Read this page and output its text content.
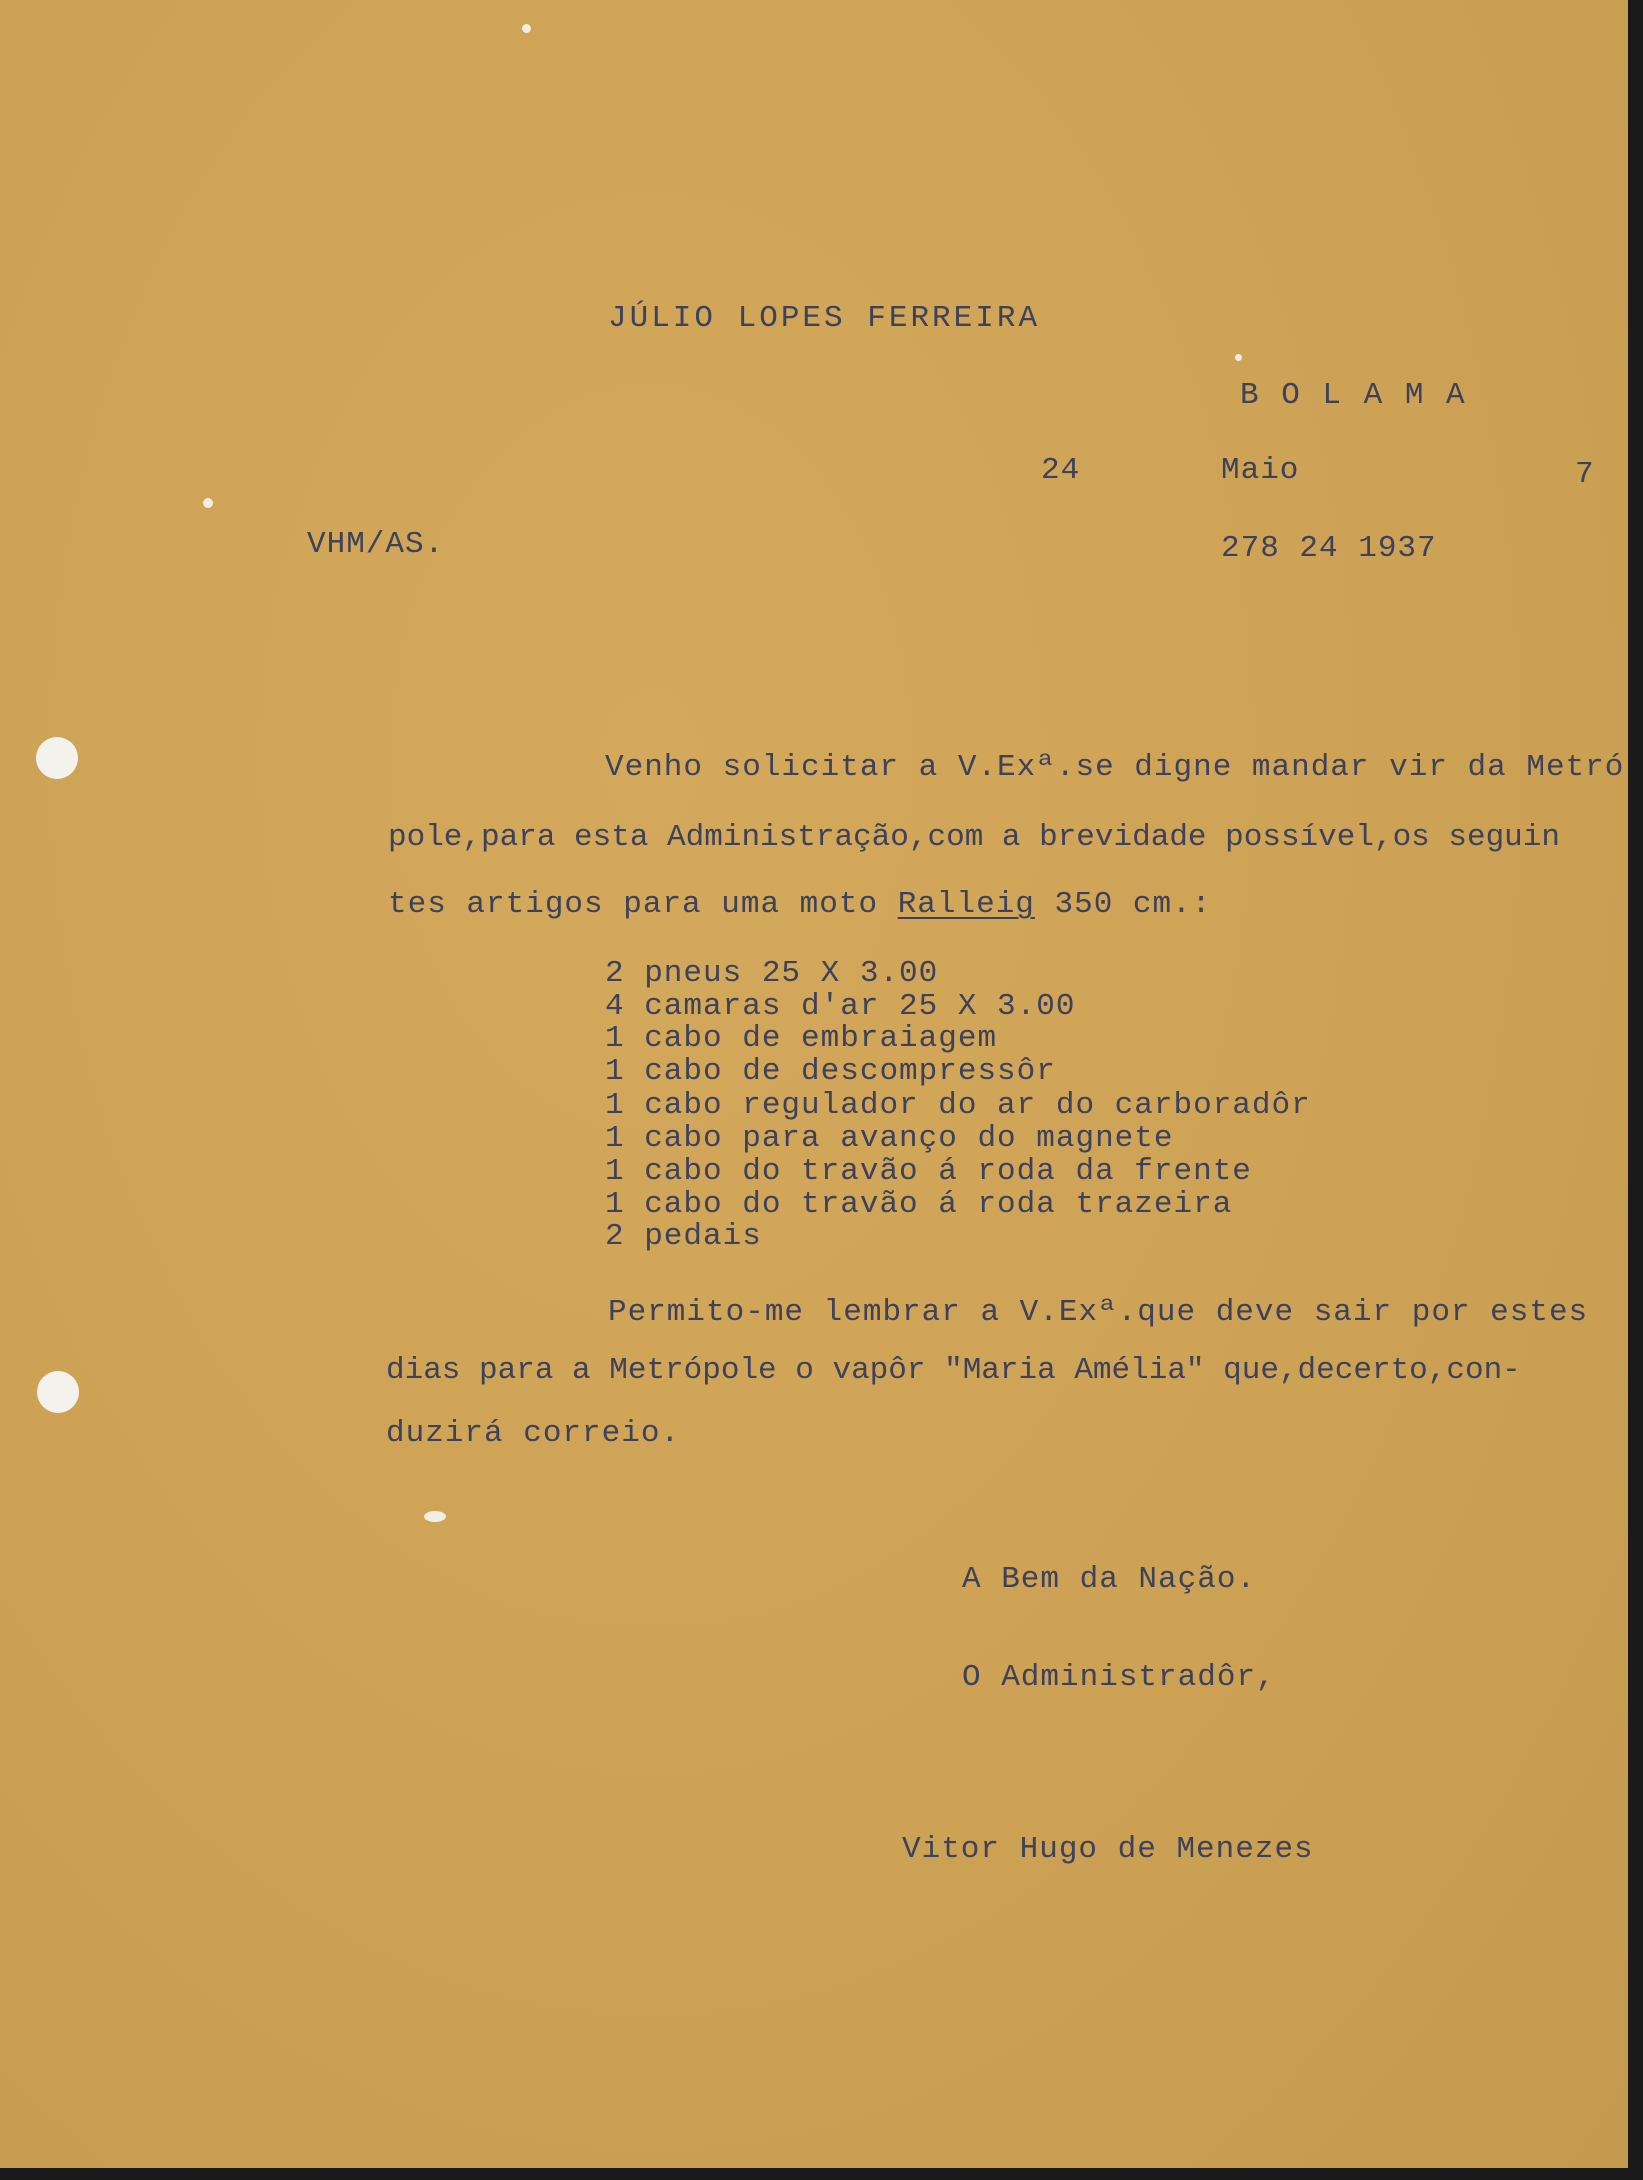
JÚLIO LOPES FERREIRA
B O L A M A
24	Maio	7
VHM/AS.	278 24 1937
Venho solicitar a V.Exª.se digne mandar vir da Metró
pole,para esta Administração,com a brevidade possível,os seguin
tes artigos para uma moto Ralleig 350 cm.:
2 pneus 25 X 3.00
4 camaras d'ar 25 X 3.00
1 cabo de embraiagem
1 cabo de descompressôr
1 cabo regulador do ar do carboradôr
1 cabo para avanço do magnete
1 cabo do travão á roda da frente
1 cabo do travão á roda trazeira
2 pedais
Permito-me lembrar a V.Exª.que deve sair por estes
dias para a Metrópole o vapôr "Maria Amélia" que,decerto,con-
duzirá correio.
A Bem da Nação.
O Administradôr,
Vitor Hugo de Menezes
